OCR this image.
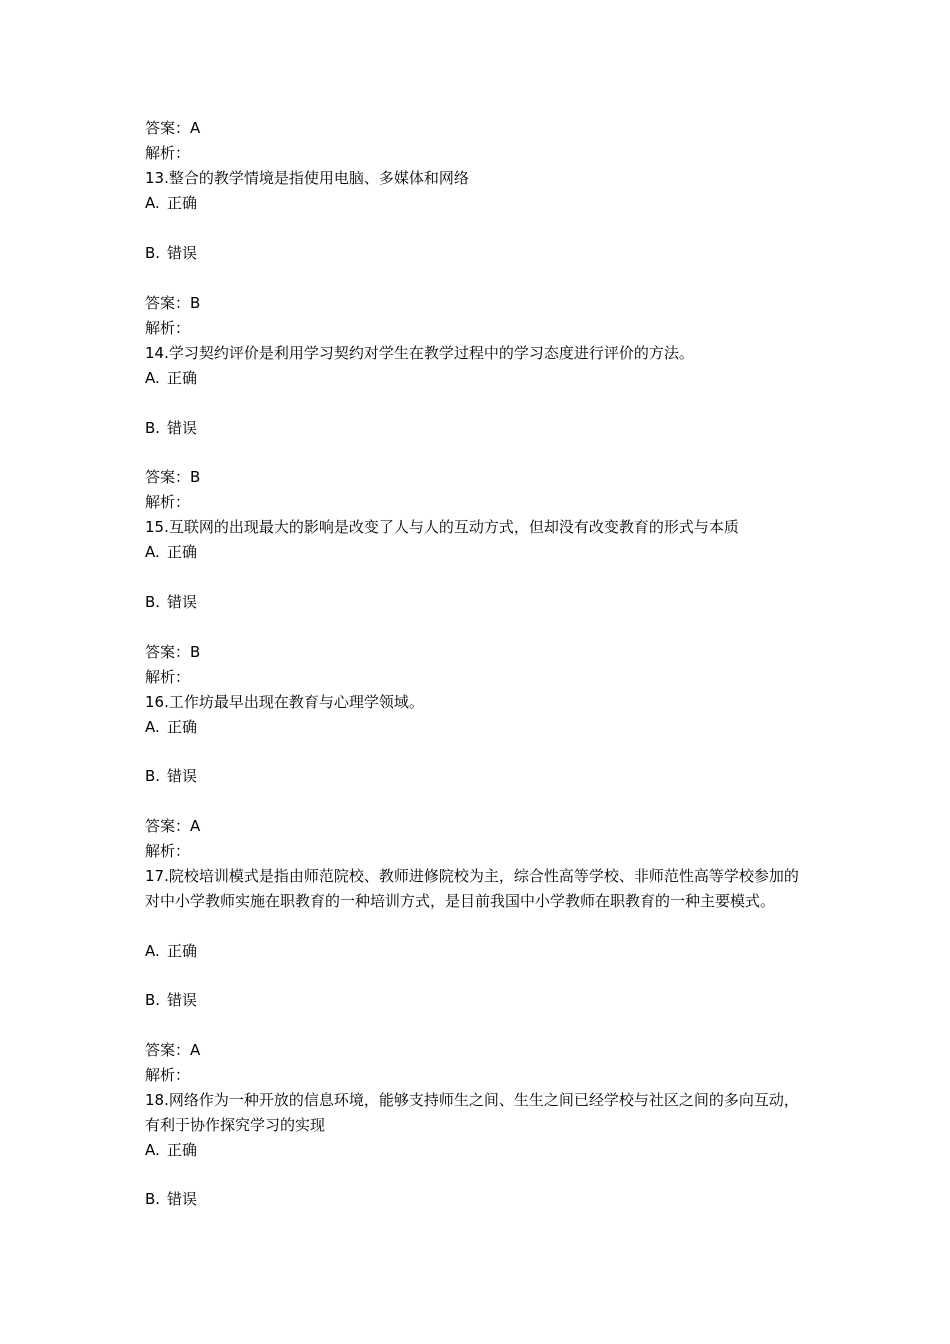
答案：A
解析：
13.整合的教学情境是指使用电脑、多媒体和网络
A. 正确
B. 错误
答案：B
解析：
14.学习契约评价是利用学习契约对学生在教学过程中的学习态度进行评价的方法。
A. 正确
B. 错误
答案：B
解析：
15.互联网的出现最大的影响是改变了人与人的互动方式，但却没有改变教育的形式与本质
A. 正确
B. 错误
答案：B
解析：
16.工作坊最早出现在教育与心理学领域。
A. 正确
B. 错误
答案：A
解析：
17.院校培训模式是指由师范院校、教师进修院校为主，综合性高等学校、非师范性高等学校参加的对中小学教师实施在职教育的一种培训方式，是目前我国中小学教师在职教育的一种主要模式。
A. 正确
B. 错误
答案：A
解析：
18.网络作为一种开放的信息环境，能够支持师生之间、生生之间已经学校与社区之间的多向互动，有利于协作探究学习的实现
A. 正确
B. 错误
